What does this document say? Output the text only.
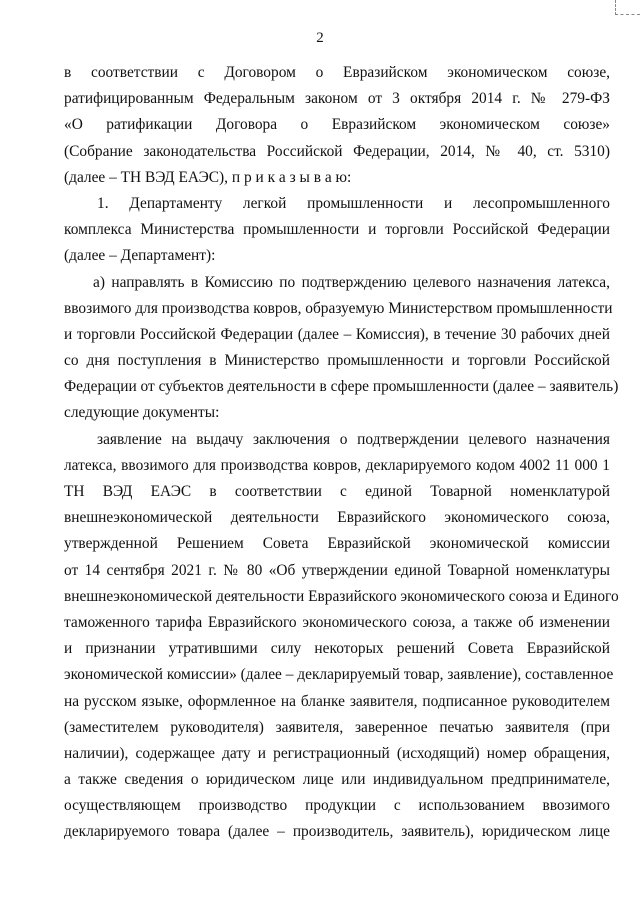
2
в соответствии с Договором о Евразийском экономическом союзе,
ратифицированным Федеральным законом от 3 октября 2014 г. № 279-ФЗ
«О ратификации Договора о Евразийском экономическом союзе»
(Собрание законодательства Российской Федерации, 2014, № 40, ст. 5310)
(далее – ТН ВЭД ЕАЭС), п р и к а з ы в а ю:
1. Департаменту легкой промышленности и лесопромышленного
комплекса Министерства промышленности и торговли Российской Федерации
(далее – Департамент):
а) направлять в Комиссию по подтверждению целевого назначения латекса,
ввозимого для производства ковров, образуемую Министерством промышленности
и торговли Российской Федерации (далее – Комиссия), в течение 30 рабочих дней
со дня поступления в Министерство промышленности и торговли Российской
Федерации от субъектов деятельности в сфере промышленности (далее – заявитель)
следующие документы:
заявление на выдачу заключения о подтверждении целевого назначения
латекса, ввозимого для производства ковров, декларируемого кодом 4002 11 000 1
ТН ВЭД ЕАЭС в соответствии с единой Товарной номенклатурой
внешнеэкономической деятельности Евразийского экономического союза,
утвержденной Решением Совета Евразийской экономической комиссии
от 14 сентября 2021 г. № 80 «Об утверждении единой Товарной номенклатуры
внешнеэкономической деятельности Евразийского экономического союза и Единого
таможенного тарифа Евразийского экономического союза, а также об изменении
и признании утратившими силу некоторых решений Совета Евразийской
экономической комиссии» (далее – декларируемый товар, заявление), составленное
на русском языке, оформленное на бланке заявителя, подписанное руководителем
(заместителем руководителя) заявителя, заверенное печатью заявителя (при
наличии), содержащее дату и регистрационный (исходящий) номер обращения,
а также сведения о юридическом лице или индивидуальном предпринимателе,
осуществляющем производство продукции с использованием ввозимого
декларируемого товара (далее – производитель, заявитель), юридическом лице
